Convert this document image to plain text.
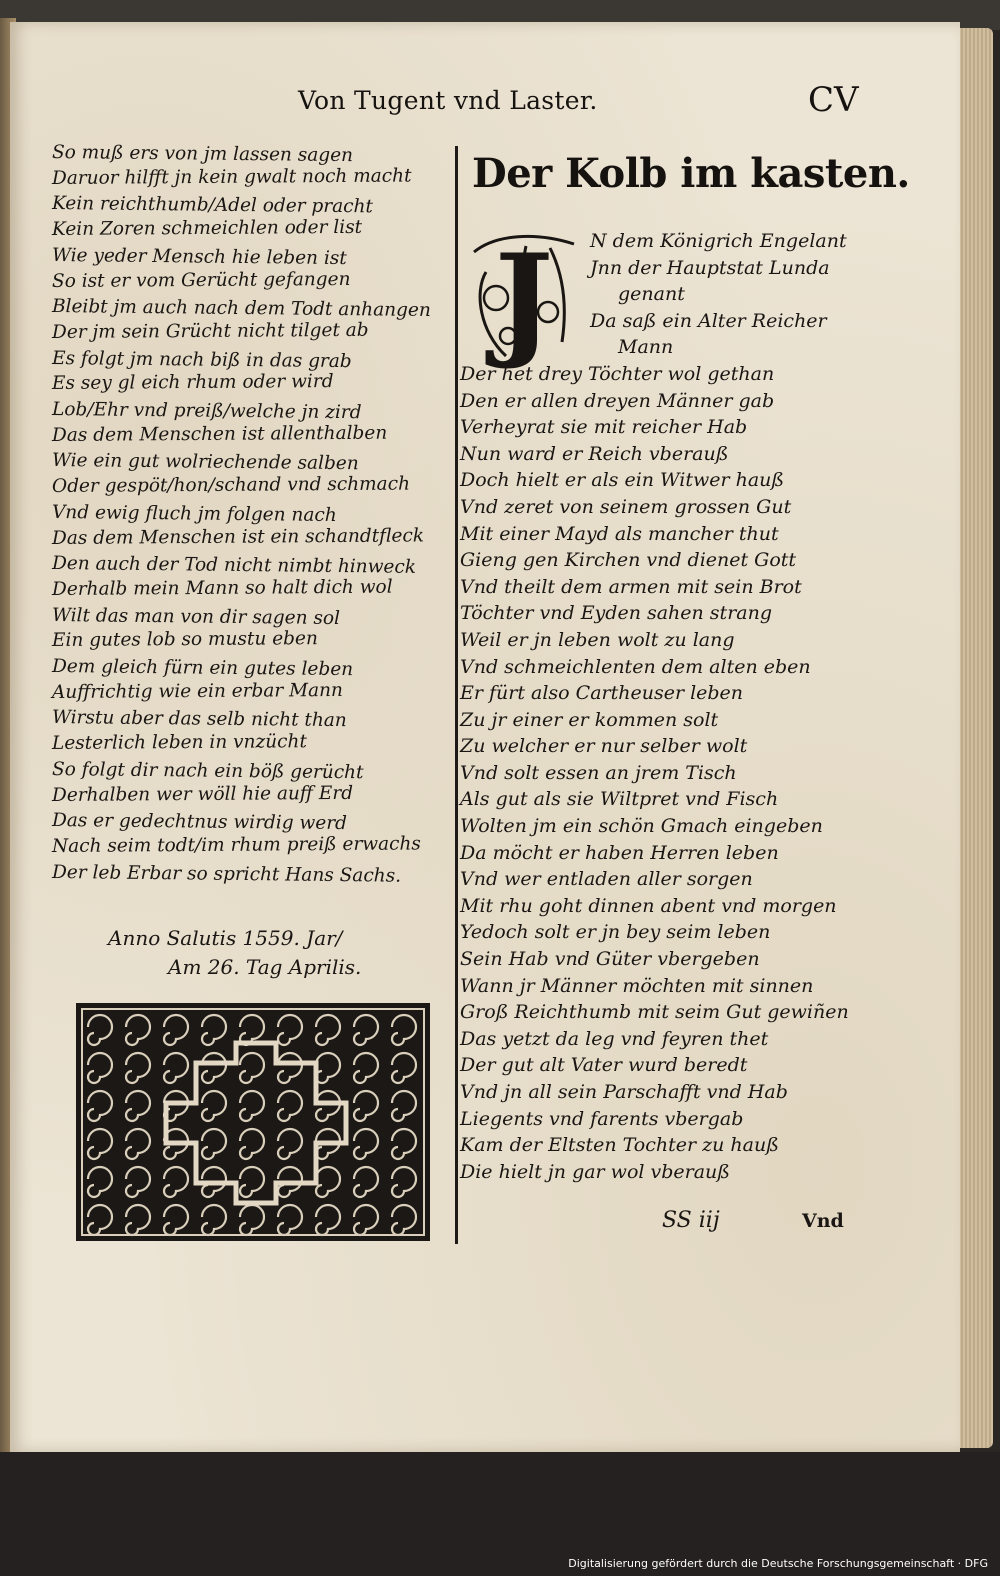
Von Tugent vnd Laster.	CV
So muß ers von jm lassen sagen
Daruor hilfft jn kein gwalt noch macht
Kein reichthumb/Adel oder pracht
Kein Zoren schmeichlen oder list
Wie yeder Mensch hie leben ist
So ist er vom Gerücht gefangen
Bleibt jm auch nach dem Todt anhangen
Der jm sein Grücht nicht tilget ab
Es folgt jm nach biß in das grab
Es sey gl eich rhum oder wird
Lob/Ehr vnd preiß/welche jn zird
Das dem Menschen ist allenthalben
Wie ein gut wolriechende salben
Oder gespöt/hon/schand vnd schmach
Vnd ewig fluch jm folgen nach
Das dem Menschen ist ein schandtfleck
Den auch der Tod nicht nimbt hinweck
Derhalb mein Mann so halt dich wol
Wilt das man von dir sagen sol
Ein gutes lob so mustu eben
Dem gleich fürn ein gutes leben
Auffrichtig wie ein erbar Mann
Wirstu aber das selb nicht than
Lesterlich leben in vnzücht
So folgt dir nach ein böß gerücht
Derhalben wer wöll hie auff Erd
Das er gedechtnus wirdig werd
Nach seim todt/im rhum preiß erwachs
Der leb Erbar so spricht Hans Sachs.
Anno Salutis 1559. Jar/
Am 26. Tag Aprilis.
Der Kolb im kasten.
J	N dem Königrich Engelant
Jnn der Hauptstat Lunda
genant
Da saß ein Alter Reicher
Mann
Der het drey Töchter wol gethan
Den er allen dreyen Männer gab
Verheyrat sie mit reicher Hab
Nun ward er Reich vberauß
Doch hielt er als ein Witwer hauß
Vnd zeret von seinem grossen Gut
Mit einer Mayd als mancher thut
Gieng gen Kirchen vnd dienet Gott
Vnd theilt dem armen mit sein Brot
Töchter vnd Eyden sahen strang
Weil er jn leben wolt zu lang
Vnd schmeichlenten dem alten eben
Er fürt also Cartheuser leben
Zu jr einer er kommen solt
Zu welcher er nur selber wolt
Vnd solt essen an jrem Tisch
Als gut als sie Wiltpret vnd Fisch
Wolten jm ein schön Gmach eingeben
Da möcht er haben Herren leben
Vnd wer entladen aller sorgen
Mit rhu goht dinnen abent vnd morgen
Yedoch solt er jn bey seim leben
Sein Hab vnd Güter vbergeben
Wann jr Männer möchten mit sinnen
Groß Reichthumb mit seim Gut gewiñen
Das yetzt da leg vnd feyren thet
Der gut alt Vater wurd beredt
Vnd jn all sein Parschafft vnd Hab
Liegents vnd farents vbergab
Kam der Eltsten Tochter zu hauß
Die hielt jn gar wol vberauß
SS iij	Vnd
Digitalisierung gefördert durch die Deutsche Forschungsgemeinschaft · DFG
